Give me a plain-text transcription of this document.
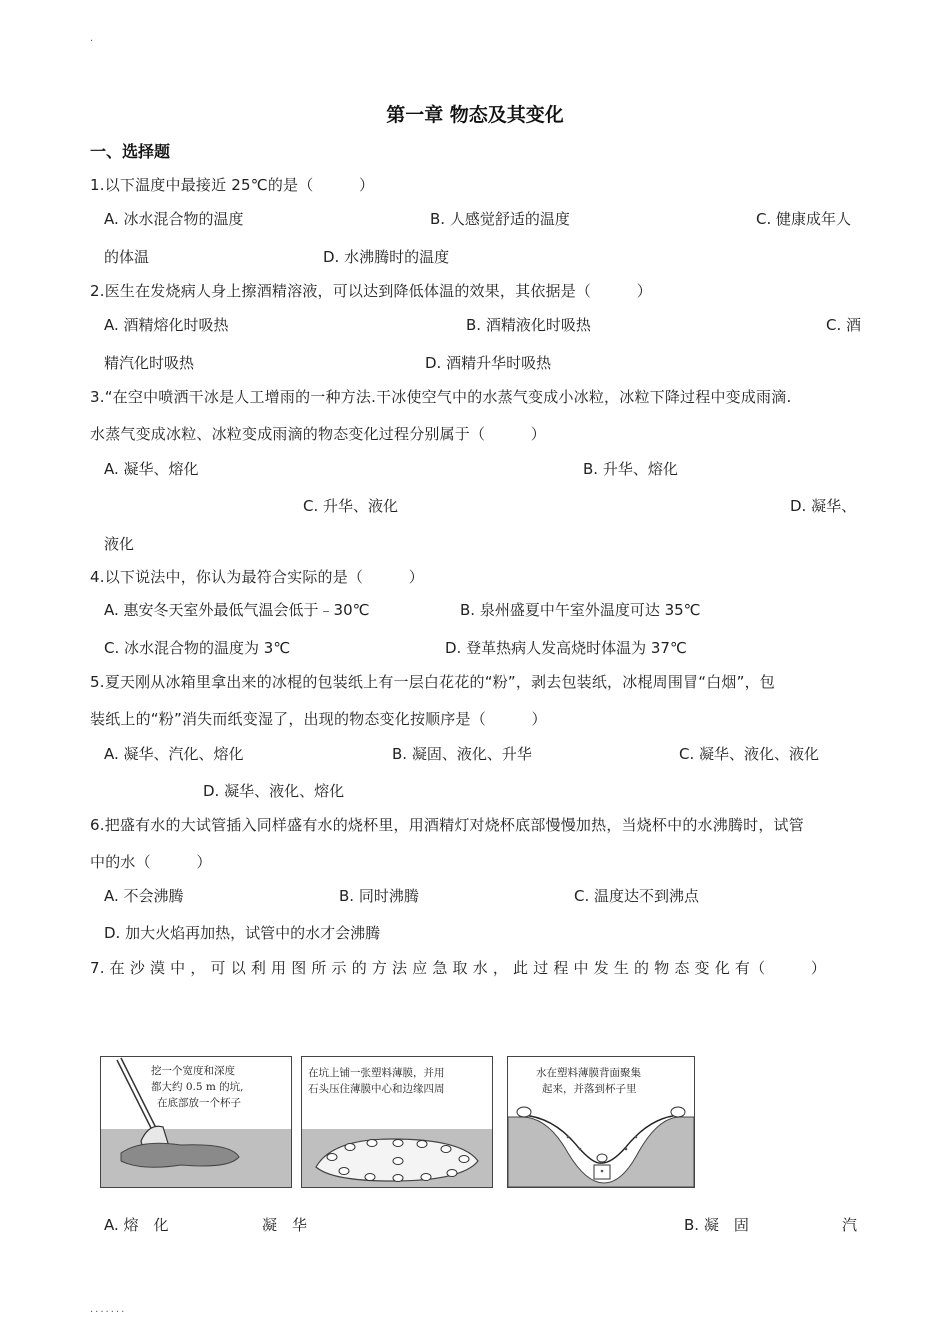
·
第一章 物态及其变化
一、选择题
1.以下温度中最接近 25℃的是（　　　）
A. 冰水混合物的温度	B. 人感觉舒适的温度	C. 健康成年人
的体温	D. 水沸腾时的温度
2.医生在发烧病人身上擦酒精溶液，可以达到降低体温的效果，其依据是（　　　）
A. 酒精熔化时吸热	B. 酒精液化时吸热	C. 酒
精汽化时吸热	D. 酒精升华时吸热
3.“在空中喷洒干冰是人工增雨的一种方法.干冰使空气中的水蒸气变成小冰粒，冰粒下降过程中变成雨滴.
水蒸气变成冰粒、冰粒变成雨滴的物态变化过程分别属于（　　　）
A. 凝华、熔化	B. 升华、熔化
C. 升华、液化	D. 凝华、
液化
4.以下说法中，你认为最符合实际的是（　　　）
A. 惠安冬天室外最低气温会低于﹣30℃	B. 泉州盛夏中午室外温度可达 35℃
C. 冰水混合物的温度为 3℃	D. 登革热病人发高烧时体温为 37℃
5.夏天刚从冰箱里拿出来的冰棍的包装纸上有一层白花花的“粉”，剥去包装纸，冰棍周围冒“白烟”，包
装纸上的“粉”消失而纸变湿了，出现的物态变化按顺序是（　　　）
A. 凝华、汽化、熔化	B. 凝固、液化、升华	C. 凝华、液化、液化
D. 凝华、液化、熔化
6.把盛有水的大试管插入同样盛有水的烧杯里，用酒精灯对烧杯底部慢慢加热，当烧杯中的水沸腾时，试管
中的水（　　　）
A. 不会沸腾	B. 同时沸腾	C. 温度达不到沸点
D. 加大火焰再加热，试管中的水才会沸腾
7. 在 沙 漠 中 ， 可 以 利 用 图 所 示 的 方 法 应 急 取 水 ， 此 过 程 中 发 生 的 物 态 变 化 有（　　　）
挖一个宽度和深度
都大约 0.5 m 的坑,
在底部放一个杯子
在坑上铺一张塑料薄膜，并用
石头压住薄膜中心和边缘四周
水在塑料薄膜背面聚集
起来，并落到杯子里
A. 熔　化	凝　华	B. 凝　固	汽
.......
